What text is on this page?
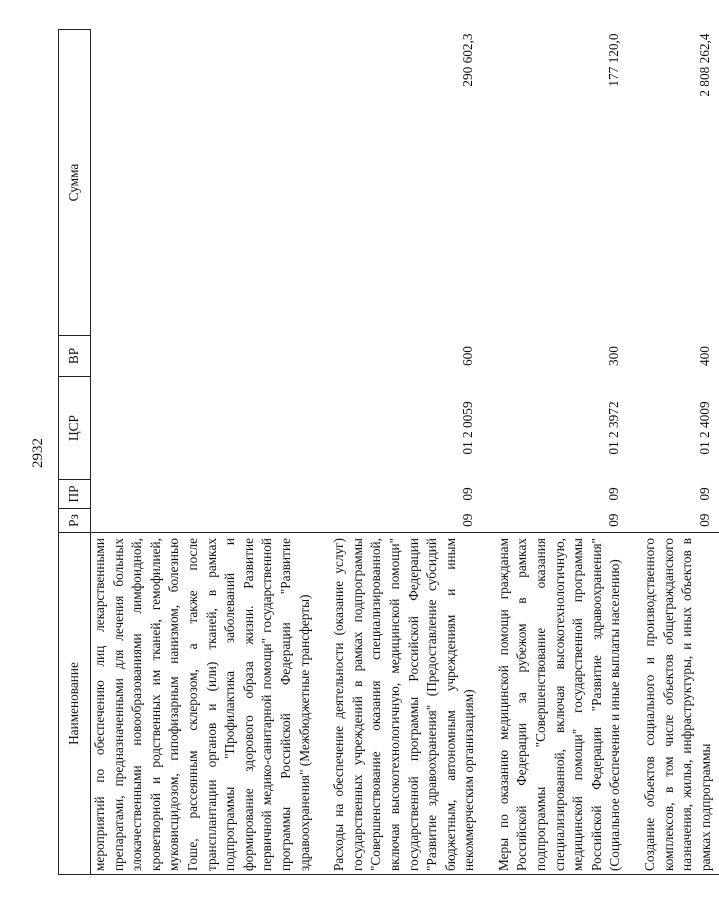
2932
Наименование	Рз	ПР	ЦСР	ВР	Сумма
мероприятий по обеспечению лиц лекарственными препаратами, предназначенными для лечения больных злокачественными новообразованиями лимфоидной, кроветворной и родственных им тканей, гемофилией, муковисцидозом, гипофизарным нанизмом, болезнью Гоше, рассеянным склерозом, а также после трансплантации органов и (или) тканей, в рамках подпрограммы "Профилактика заболеваний и формирование здорового образа жизни. Развитие первичной медико-санитарной помощи" государственной программы Российской Федерации "Развитие здравоохранения" (Межбюджетные трансферты)					
Расходы на обеспечение деятельности (оказание услуг) государственных учреждений в рамках подпрограммы "Совершенствование оказания специализированной, включая высокотехнологичную, медицинской помощи" государственной программы Российской Федерации "Развитие здравоохранения" (Предоставление субсидий бюджетным, автономным учреждениям и иным некоммерческим организациям)	09	09	01 2 0059	600	290 602,3
Меры по оказанию медицинской помощи гражданам Российской Федерации за рубежом в рамках подпрограммы "Совершенствование оказания специализированной, включая высокотехнологичную, медицинской помощи" государственной программы Российской Федерации "Развитие здравоохранения" (Социальное обеспечение и иные выплаты населению)	09	09	01 2 3972	300	177 120,0
Создание объектов социального и производственного комплексов, в том числе объектов общегражданского назначения, жилья, инфраструктуры, и иных объектов в рамках подпрограммы	09	09	01 2 4009	400	2 808 262,4
